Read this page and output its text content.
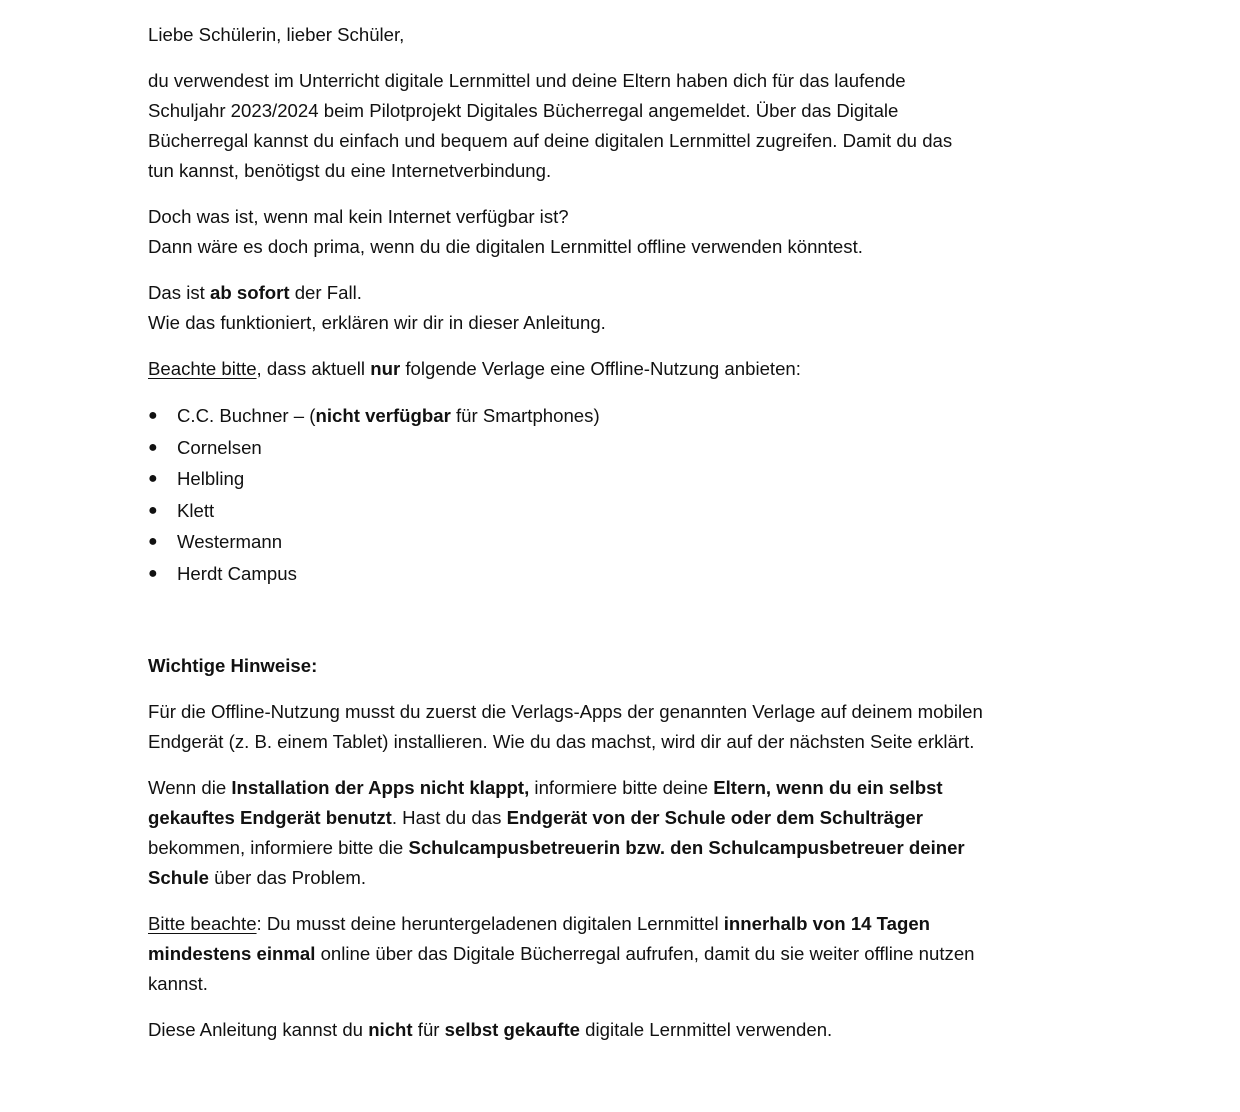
Liebe Schülerin, lieber Schüler,
du verwendest im Unterricht digitale Lernmittel und deine Eltern haben dich für das laufende
Schuljahr 2023/2024 beim Pilotprojekt Digitales Bücherregal angemeldet. Über das Digitale
Bücherregal kannst du einfach und bequem auf deine digitalen Lernmittel zugreifen. Damit du das
tun kannst, benötigst du eine Internetverbindung.
Doch was ist, wenn mal kein Internet verfügbar ist?
Dann wäre es doch prima, wenn du die digitalen Lernmittel offline verwenden könntest.
Das ist ab sofort der Fall.
Wie das funktioniert, erklären wir dir in dieser Anleitung.
Beachte bitte, dass aktuell nur folgende Verlage eine Offline-Nutzung anbieten:
● C.C. Buchner – (nicht verfügbar für Smartphones)
● Cornelsen
● Helbling
● Klett
● Westermann
● Herdt Campus
Wichtige Hinweise:
Für die Offline-Nutzung musst du zuerst die Verlags-Apps der genannten Verlage auf deinem mobilen
Endgerät (z. B. einem Tablet) installieren. Wie du das machst, wird dir auf der nächsten Seite erklärt.
Wenn die Installation der Apps nicht klappt, informiere bitte deine Eltern, wenn du ein selbst
gekauftes Endgerät benutzt. Hast du das Endgerät von der Schule oder dem Schulträger
bekommen, informiere bitte die Schulcampusbetreuerin bzw. den Schulcampusbetreuer deiner
Schule über das Problem.
Bitte beachte: Du musst deine heruntergeladenen digitalen Lernmittel innerhalb von 14 Tagen
mindestens einmal online über das Digitale Bücherregal aufrufen, damit du sie weiter offline nutzen
kannst.
Diese Anleitung kannst du nicht für selbst gekaufte digitale Lernmittel verwenden.
